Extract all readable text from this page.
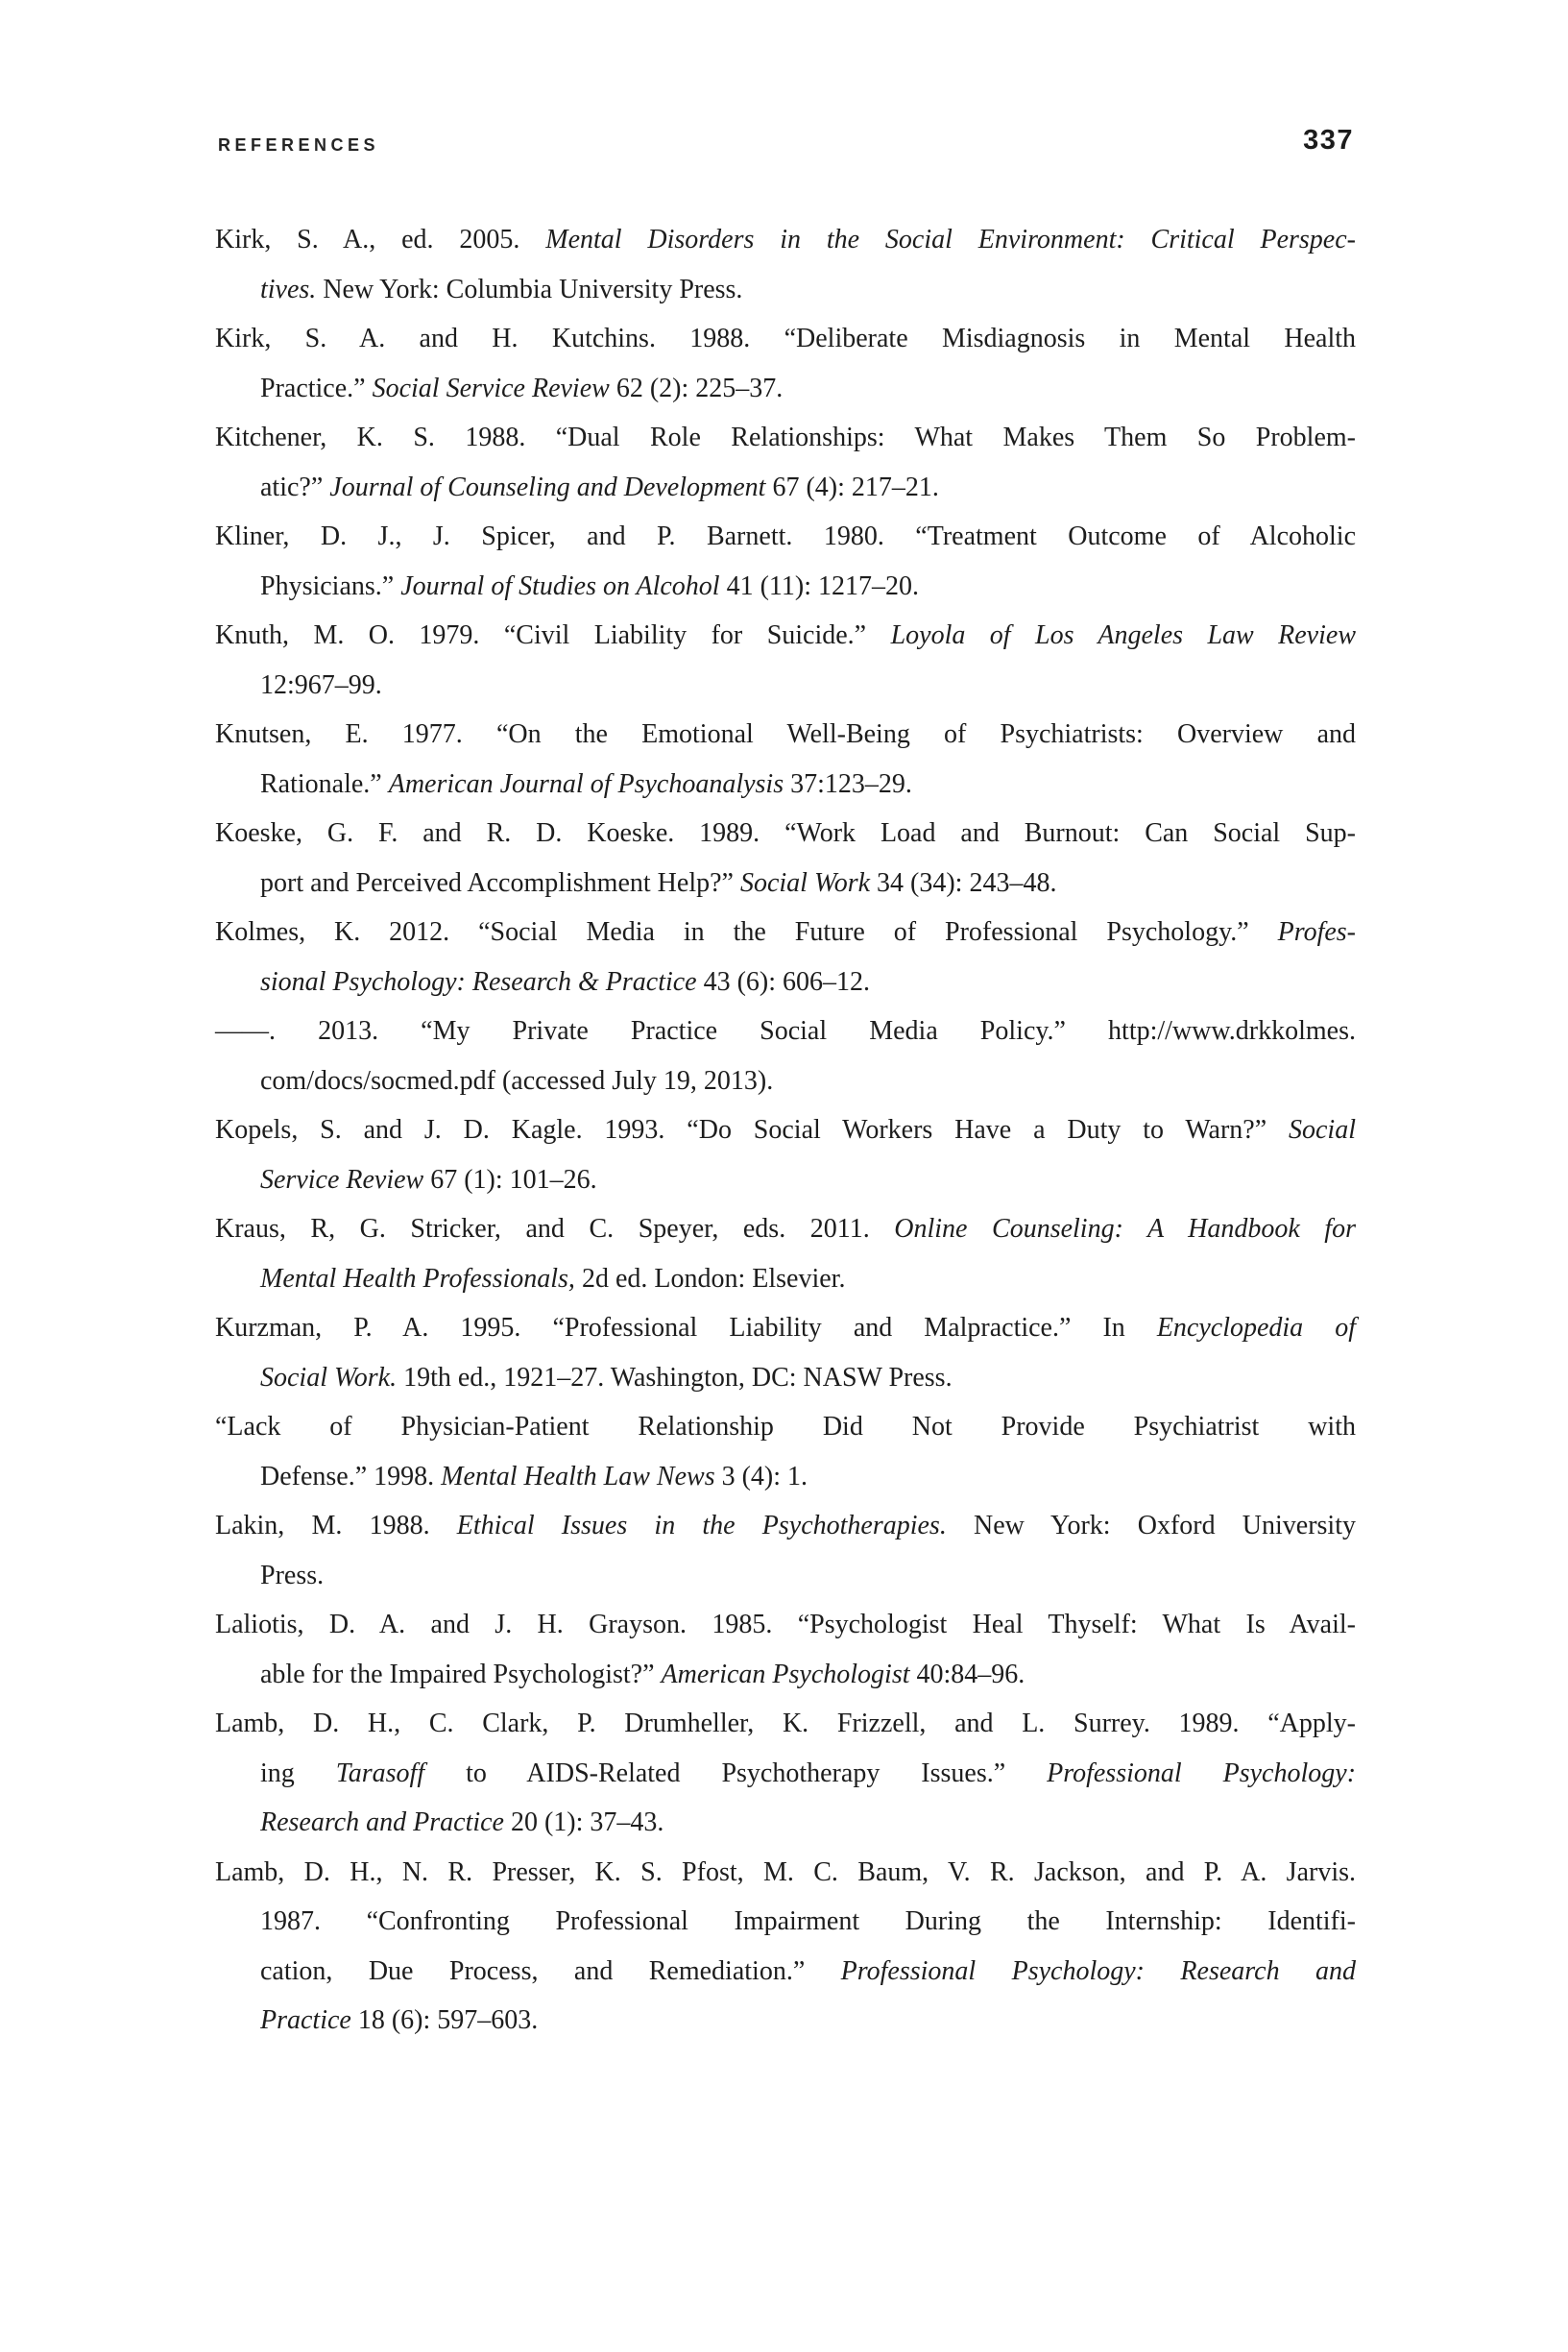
REFERENCES	337
Kirk, S. A., ed. 2005. Mental Disorders in the Social Environment: Critical Perspec-
tives. New York: Columbia University Press.
Kirk, S. A. and H. Kutchins. 1988. “Deliberate Misdiagnosis in Mental Health
Practice.” Social Service Review 62 (2): 225–37.
Kitchener, K. S. 1988. “Dual Role Relationships: What Makes Them So Problem-
atic?” Journal of Counseling and Development 67 (4): 217–21.
Kliner, D. J., J. Spicer, and P. Barnett. 1980. “Treatment Outcome of Alcoholic
Physicians.” Journal of Studies on Alcohol 41 (11): 1217–20.
Knuth, M. O. 1979. “Civil Liability for Suicide.” Loyola of Los Angeles Law Review
12:967–99.
Knutsen, E. 1977. “On the Emotional Well-Being of Psychiatrists: Overview and
Rationale.” American Journal of Psychoanalysis 37:123–29.
Koeske, G. F. and R. D. Koeske. 1989. “Work Load and Burnout: Can Social Sup-
port and Perceived Accomplishment Help?” Social Work 34 (34): 243–48.
Kolmes, K. 2012. “Social Media in the Future of Professional Psychology.” Profes-
sional Psychology: Research & Practice 43 (6): 606–12.
——. 2013. “My Private Practice Social Media Policy.” http://www.drkkolmes.
com/docs/socmed.pdf (accessed July 19, 2013).
Kopels, S. and J. D. Kagle. 1993. “Do Social Workers Have a Duty to Warn?” Social
Service Review 67 (1): 101–26.
Kraus, R, G. Stricker, and C. Speyer, eds. 2011. Online Counseling: A Handbook for
Mental Health Professionals, 2d ed. London: Elsevier.
Kurzman, P. A. 1995. “Professional Liability and Malpractice.” In Encyclopedia of
Social Work. 19th ed., 1921–27. Washington, DC: NASW Press.
“Lack of Physician-Patient Relationship Did Not Provide Psychiatrist with
Defense.” 1998. Mental Health Law News 3 (4): 1.
Lakin, M. 1988. Ethical Issues in the Psychotherapies. New York: Oxford University
Press.
Laliotis, D. A. and J. H. Grayson. 1985. “Psychologist Heal Thyself: What Is Avail-
able for the Impaired Psychologist?” American Psychologist 40:84–96.
Lamb, D. H., C. Clark, P. Drumheller, K. Frizzell, and L. Surrey. 1989. “Apply-
ing Tarasoff to AIDS-Related Psychotherapy Issues.” Professional Psychology:
Research and Practice 20 (1): 37–43.
Lamb, D. H., N. R. Presser, K. S. Pfost, M. C. Baum, V. R. Jackson, and P. A. Jarvis.
1987. “Confronting Professional Impairment During the Internship: Identifi-
cation, Due Process, and Remediation.” Professional Psychology: Research and
Practice 18 (6): 597–603.
